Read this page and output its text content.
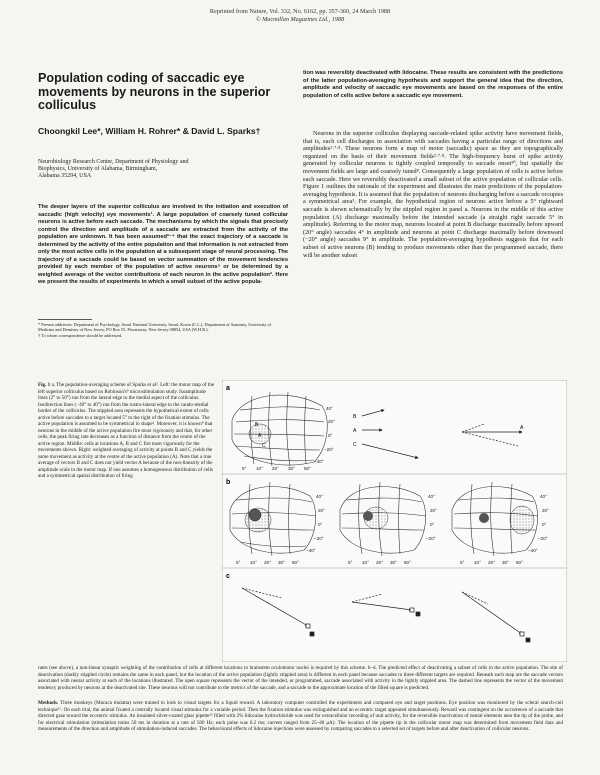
Reprinted from Nature, Vol. 332, No. 6162, pp. 357-360, 24 March 1988
© Macmillan Magazines Ltd., 1988
Population coding of saccadic eye movements by neurons in the superior colliculus
Choongkil Lee*, William H. Rohrer* & David L. Sparks†
Neurobiology Research Center, Department of Physiology and
Biophysics, University of Alabama, Birmingham,
Alabama 35294, USA
The deeper layers of the superior colliculus are involved in the initiation and execution of saccadic (high velocity) eye movements¹. A large population of coarsely tuned collicular neurons is active before each saccade. The mechanisms by which the signals that precisely control the direction and amplitude of a saccade are extracted from the activity of the population are unknown. It has been assumed²⁻⁴ that the exact trajectory of a saccade is determined by the activity of the entire population and that information is not extracted from only the most active cells in the population at a subsequent stage of neural processing. The trajectory of a saccade could be based on vector summation of the movement tendencies provided by each member of the population of active neurons⁵ or be determined by a weighted average of the vector contributions of each neuron in the active population². Here we present the results of experiments in which a small subset of the active popula-
* Present addresses: Department of Psychology, Seoul National University, Seoul, Korea (C.L.); Department of Anatomy, University of Medicine and Dentistry of New Jersey, PO Box 55, Piscataway, New Jersey 08854, USA (W.H.R.).
† To whom correspondence should be addressed.
tion was reversibly deactivated with lidocaine. These results are consistent with the predictions of the latter population-averaging hypothesis and support the general idea that the direction, amplitude and velocity of saccadic eye movements are based on the responses of the entire population of cells active before a saccadic eye movement.

Neurons in the superior colliculus displaying saccade-related spike activity have movement fields, that is, each cell discharges in association with saccades having a particular range of directions and amplitudes²·⁷·⁸. These neurons form a map of motor (saccadic) space as they are topographically organized on the basis of their movement fields²·⁷·⁸. The high-frequency burst of spike activity generated by collicular neurons is tightly coupled temporally to saccade onset¹⁰, but spatially the movement fields are large and coarsely tuned⁸. Consequently a large population of cells is active before each saccade. Here we reversibly deactivated a small subset of the active population of collicular cells. Figure 1 outlines the rationale of the experiment and illustrates the main predictions of the population-averaging hypothesis. It is assumed that the population of neurons discharging before a saccade occupies a symmetrical area³. For example, the hypothetical region of neurons active before a 5° rightward saccade is shown schematically by the stippled region in panel a. Neurons in the middle of this active population (A) discharge maximally before the intended saccade (a straight right saccade 5° in amplitude). Referring to the motor map, neurons located at point B discharge maximally before upward (20° angle) saccades 4° in amplitude and neurons at point C discharge maximally before downward (−20° angle) saccades 9° in amplitude. The population-averaging hypothesis suggests that for each subset of active neurons (B) tending to produce movements other than the programmed saccade, there will be another subset

Fig. 1 a, The population-averaging scheme of Sparks et al². Left: the motor map of the left superior colliculus based on Robinson's⁹ microstimulation study. Isoamplitude lines (2° to 50°) run from the lateral edge to the medial aspect of the colliculus. Isodirection lines (−40° to 40°) run from the rostro-lateral edge to the caudo-medial border of the colliculus. The stippled area represents the hypothetical extent of cells active before saccades to a target located 5° to the right of the fixation stimulus. The active population is assumed to be symmetrical in shape². Moreover, it is known⁸ that neurons in the middle of the active population fire most vigorously and that, for other cells, the peak firing rate decreases as a function of distance from the centre of the active region. Middle: cells at locations A, B and C fire most vigorously for the movements shown. Right: weighted averaging of activity at points B and C yields the same movement as activity at the centre of the active population (A). Note that a true average of vectors B and C does not yield vector A because of the non-linearity of the amplitude scale in the motor map. If one assumes a homogeneous distribution of cells and a symmetrical spatial distribution of firing
a
B
A
C
40°
20°
0°
−20°
−40°
5° 10° 20° 30° 50°
B
A
C
A
b
40°
20°
0°
−20°
−40°
40°
20°
0°
−20°
40°
20°
0°
−20°
−40°
5° 10° 20° 30° 50°	5° 10° 20° 30° 50°	5° 10° 20° 30° 50°
c
rates (see above), a non-linear synaptic weighting of the contribution of cells at different locations to brainstem oculomotor nuclei is required by this scheme. b–d, The predicted effect of deactivating a subset of cells in the active population. The site of deactivation (darkly stippled circle) remains the same in each panel, but the location of the active population (lightly stippled area) is different in each panel because saccades to three different targets are required. Beneath each map are the saccade vectors associated with neural activity at each of the locations illustrated. The open square represents the vector of the intended, or programmed, saccade associated with activity in the lightly stippled area. The dashed line represents the vector of the movement tendency produced by neurons at the deactivated site. These neurons will not contribute to the metrics of the saccade, and a saccade to the approximate location of the filled square is predicted.
Methods. Three monkeys (Macaca mulatta) were trained to look to visual targets for a liquid reward. A laboratory computer controlled the experiments and compared eye and target positions. Eye position was monitored by the scleral search-coil technique¹¹. On each trial, the animal fixated a centrally located visual stimulus for a variable period. Then the fixation stimulus was extinguished and an eccentric target appeared simultaneously. Reward was contingent on the occurrence of a saccade that directed gaze toward the eccentric stimulus. An insulated silver-coated glass pipette¹² filled with 2% lidocaine hydrochloride was used for extracellular recording of unit activity, for the reversible inactivation of neural elements near the tip of the probe, and for electrical stimulation (stimulation trains 50 ms in duration at a rate of 500 Hz; each pulse was 0.2 ms; current ranged from 25–40 μA). The location of the pipette tip in the collicular motor map was determined from movement field data and measurements of the direction and amplitude of stimulation-induced saccades. The behavioural effects of lidocaine injections were assessed by comparing saccades to a selected set of targets before and after deactivation of collicular neurons.
